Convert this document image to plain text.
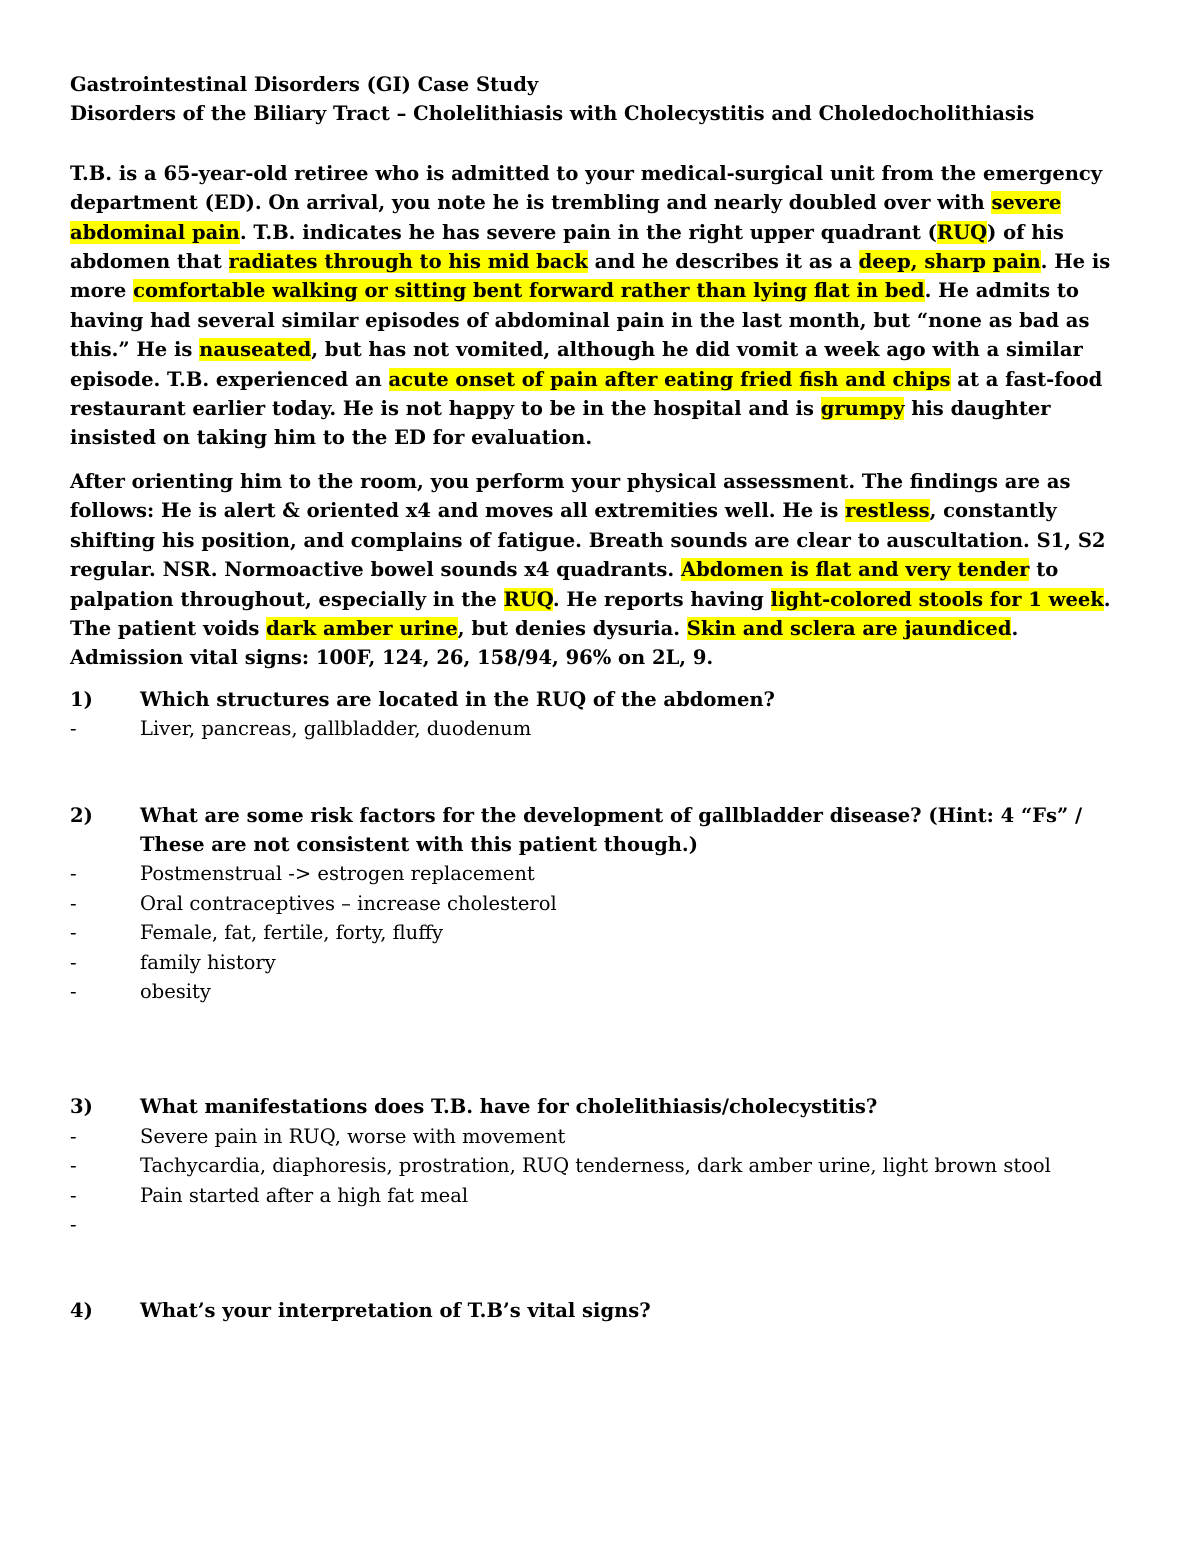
Gastrointestinal Disorders (GI) Case Study

Disorders of the Biliary Tract – Cholelithiasis with Cholecystitis and Choledocholithiasis

T.B. is a 65-year-old retiree who is admitted to your medical-surgical unit from the emergency department (ED). On arrival, you note he is trembling and nearly doubled over with severe abdominal pain. T.B. indicates he has severe pain in the right upper quadrant (RUQ) of his abdomen that radiates through to his mid back and he describes it as a deep, sharp pain. He is more comfortable walking or sitting bent forward rather than lying flat in bed. He admits to having had several similar episodes of abdominal pain in the last month, but “none as bad as this.” He is nauseated, but has not vomited, although he did vomit a week ago with a similar episode. T.B. experienced an acute onset of pain after eating fried fish and chips at a fast-food restaurant earlier today. He is not happy to be in the hospital and is grumpy his daughter insisted on taking him to the ED for evaluation.

After orienting him to the room, you perform your physical assessment. The findings are as follows: He is alert & oriented x4 and moves all extremities well. He is restless, constantly shifting his position, and complains of fatigue. Breath sounds are clear to auscultation. S1, S2 regular. NSR. Normoactive bowel sounds x4 quadrants. Abdomen is flat and very tender to palpation throughout, especially in the RUQ. He reports having light-colored stools for 1 week. The patient voids dark amber urine, but denies dysuria. Skin and sclera are jaundiced. Admission vital signs: 100F, 124, 26, 158/94, 96% on 2L, 9.

1)	Which structures are located in the RUQ of the abdomen?
-	Liver, pancreas, gallbladder, duodenum
2)	What are some risk factors for the development of gallbladder disease? (Hint: 4 “Fs” / These are not consistent with this patient though.)
-	Postmenstrual -> estrogen replacement
-	Oral contraceptives – increase cholesterol
-	Female, fat, fertile, forty, fluffy
-	family history
-	obesity
3)	What manifestations does T.B. have for cholelithiasis/cholecystitis?
-	Severe pain in RUQ, worse with movement
-	Tachycardia, diaphoresis, prostration, RUQ tenderness, dark amber urine, light brown stool
-	Pain started after a high fat meal
-
4)	What’s your interpretation of T.B’s vital signs?
